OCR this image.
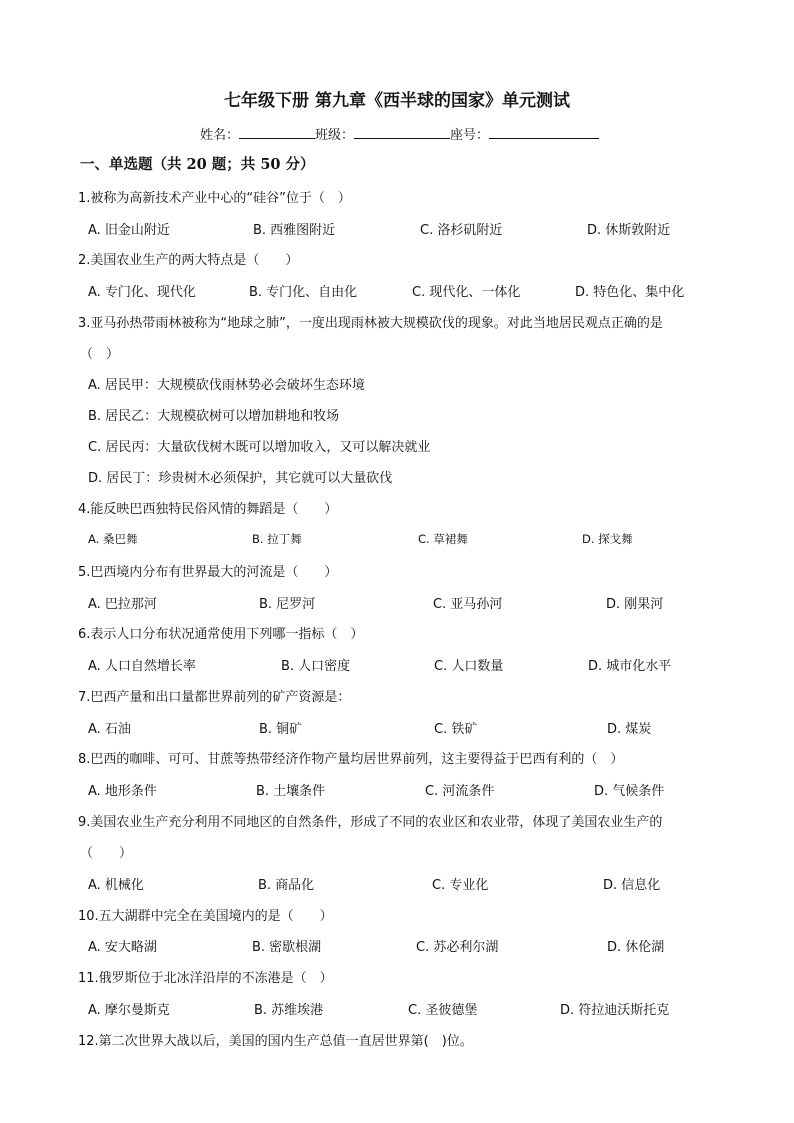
七年级下册 第九章《西半球的国家》单元测试
姓名：	班级：	座号：
一、单选题（共 20 题；共 50 分）
1.被称为高新技术产业中心的“硅谷”位于（　）
A. 旧金山附近	B. 西雅图附近	C. 洛杉矶附近	D. 休斯敦附近
2.美国农业生产的两大特点是（　　）
A. 专门化、现代化	B. 专门化、自由化	C. 现代化、一体化	D. 特色化、集中化
3.亚马孙热带雨林被称为“地球之肺”，一度出现雨林被大规模砍伐的现象。对此当地居民观点正确的是
（　）
A. 居民甲：大规模砍伐雨林势必会破坏生态环境
B. 居民乙：大规模砍树可以增加耕地和牧场
C. 居民丙：大量砍伐树木既可以增加收入，又可以解决就业
D. 居民丁：珍贵树木必须保护，其它就可以大量砍伐
4.能反映巴西独特民俗风情的舞蹈是（　　）
A. 桑巴舞	B. 拉丁舞	C. 草裙舞	D. 探戈舞
5.巴西境内分布有世界最大的河流是（　　）
A. 巴拉那河	B. 尼罗河	C. 亚马孙河	D. 刚果河
6.表示人口分布状况通常使用下列哪一指标（　）
A. 人口自然增长率	B. 人口密度	C. 人口数量	D. 城市化水平
7.巴西产量和出口量都世界前列的矿产资源是：
A. 石油	B. 铜矿	C. 铁矿	D. 煤炭
8.巴西的咖啡、可可、甘蔗等热带经济作物产量均居世界前列，这主要得益于巴西有利的（　）
A. 地形条件	B. 土壤条件	C. 河流条件	D. 气候条件
9.美国农业生产充分利用不同地区的自然条件，形成了不同的农业区和农业带，体现了美国农业生产的
（　　）
A. 机械化	B. 商品化	C. 专业化	D. 信息化
10.五大湖群中完全在美国境内的是（　　）
A. 安大略湖	B. 密歇根湖	C. 苏必利尔湖	D. 休伦湖
11.俄罗斯位于北冰洋沿岸的不冻港是（　）
A. 摩尔曼斯克	B. 苏维埃港	C. 圣彼德堡	D. 符拉迪沃斯托克
12.第二次世界大战以后，美国的国内生产总值一直居世界第(　)位。
